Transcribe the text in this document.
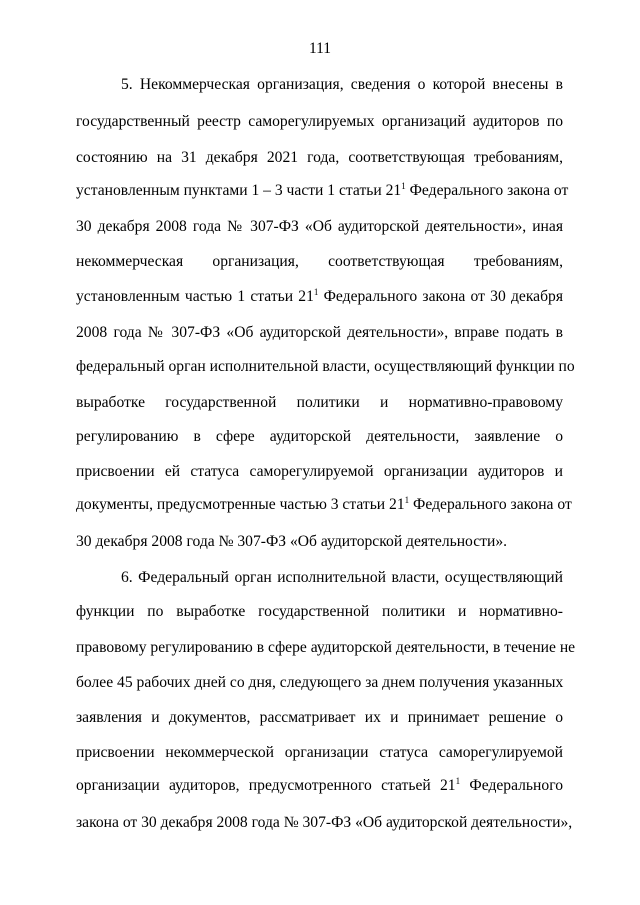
111
5. Некоммерческая организация, сведения о которой внесены в
государственный реестр саморегулируемых организаций аудиторов по
состоянию на 31 декабря 2021 года, соответствующая требованиям,
установленным пунктами 1 – 3 части 1 статьи $21^1$ Федерального закона от
30 декабря 2008 года № 307-ФЗ «Об аудиторской деятельности», иная
некоммерческая организация, соответствующая требованиям,
установленным частью 1 статьи $21^1$ Федерального закона от 30 декабря
2008 года № 307-ФЗ «Об аудиторской деятельности», вправе подать в
федеральный орган исполнительной власти, осуществляющий функции по
выработке государственной политики и нормативно-правовому
регулированию в сфере аудиторской деятельности, заявление о
присвоении ей статуса саморегулируемой организации аудиторов и
документы, предусмотренные частью 3 статьи $21^1$ Федерального закона от
30 декабря 2008 года № 307-ФЗ «Об аудиторской деятельности».
6. Федеральный орган исполнительной власти, осуществляющий
функции по выработке государственной политики и нормативно-
правовому регулированию в сфере аудиторской деятельности, в течение не
более 45 рабочих дней со дня, следующего за днем получения указанных
заявления и документов, рассматривает их и принимает решение о
присвоении некоммерческой организации статуса саморегулируемой
организации аудиторов, предусмотренного статьей $21^1$ Федерального
закона от 30 декабря 2008 года № 307-ФЗ «Об аудиторской деятельности»,
